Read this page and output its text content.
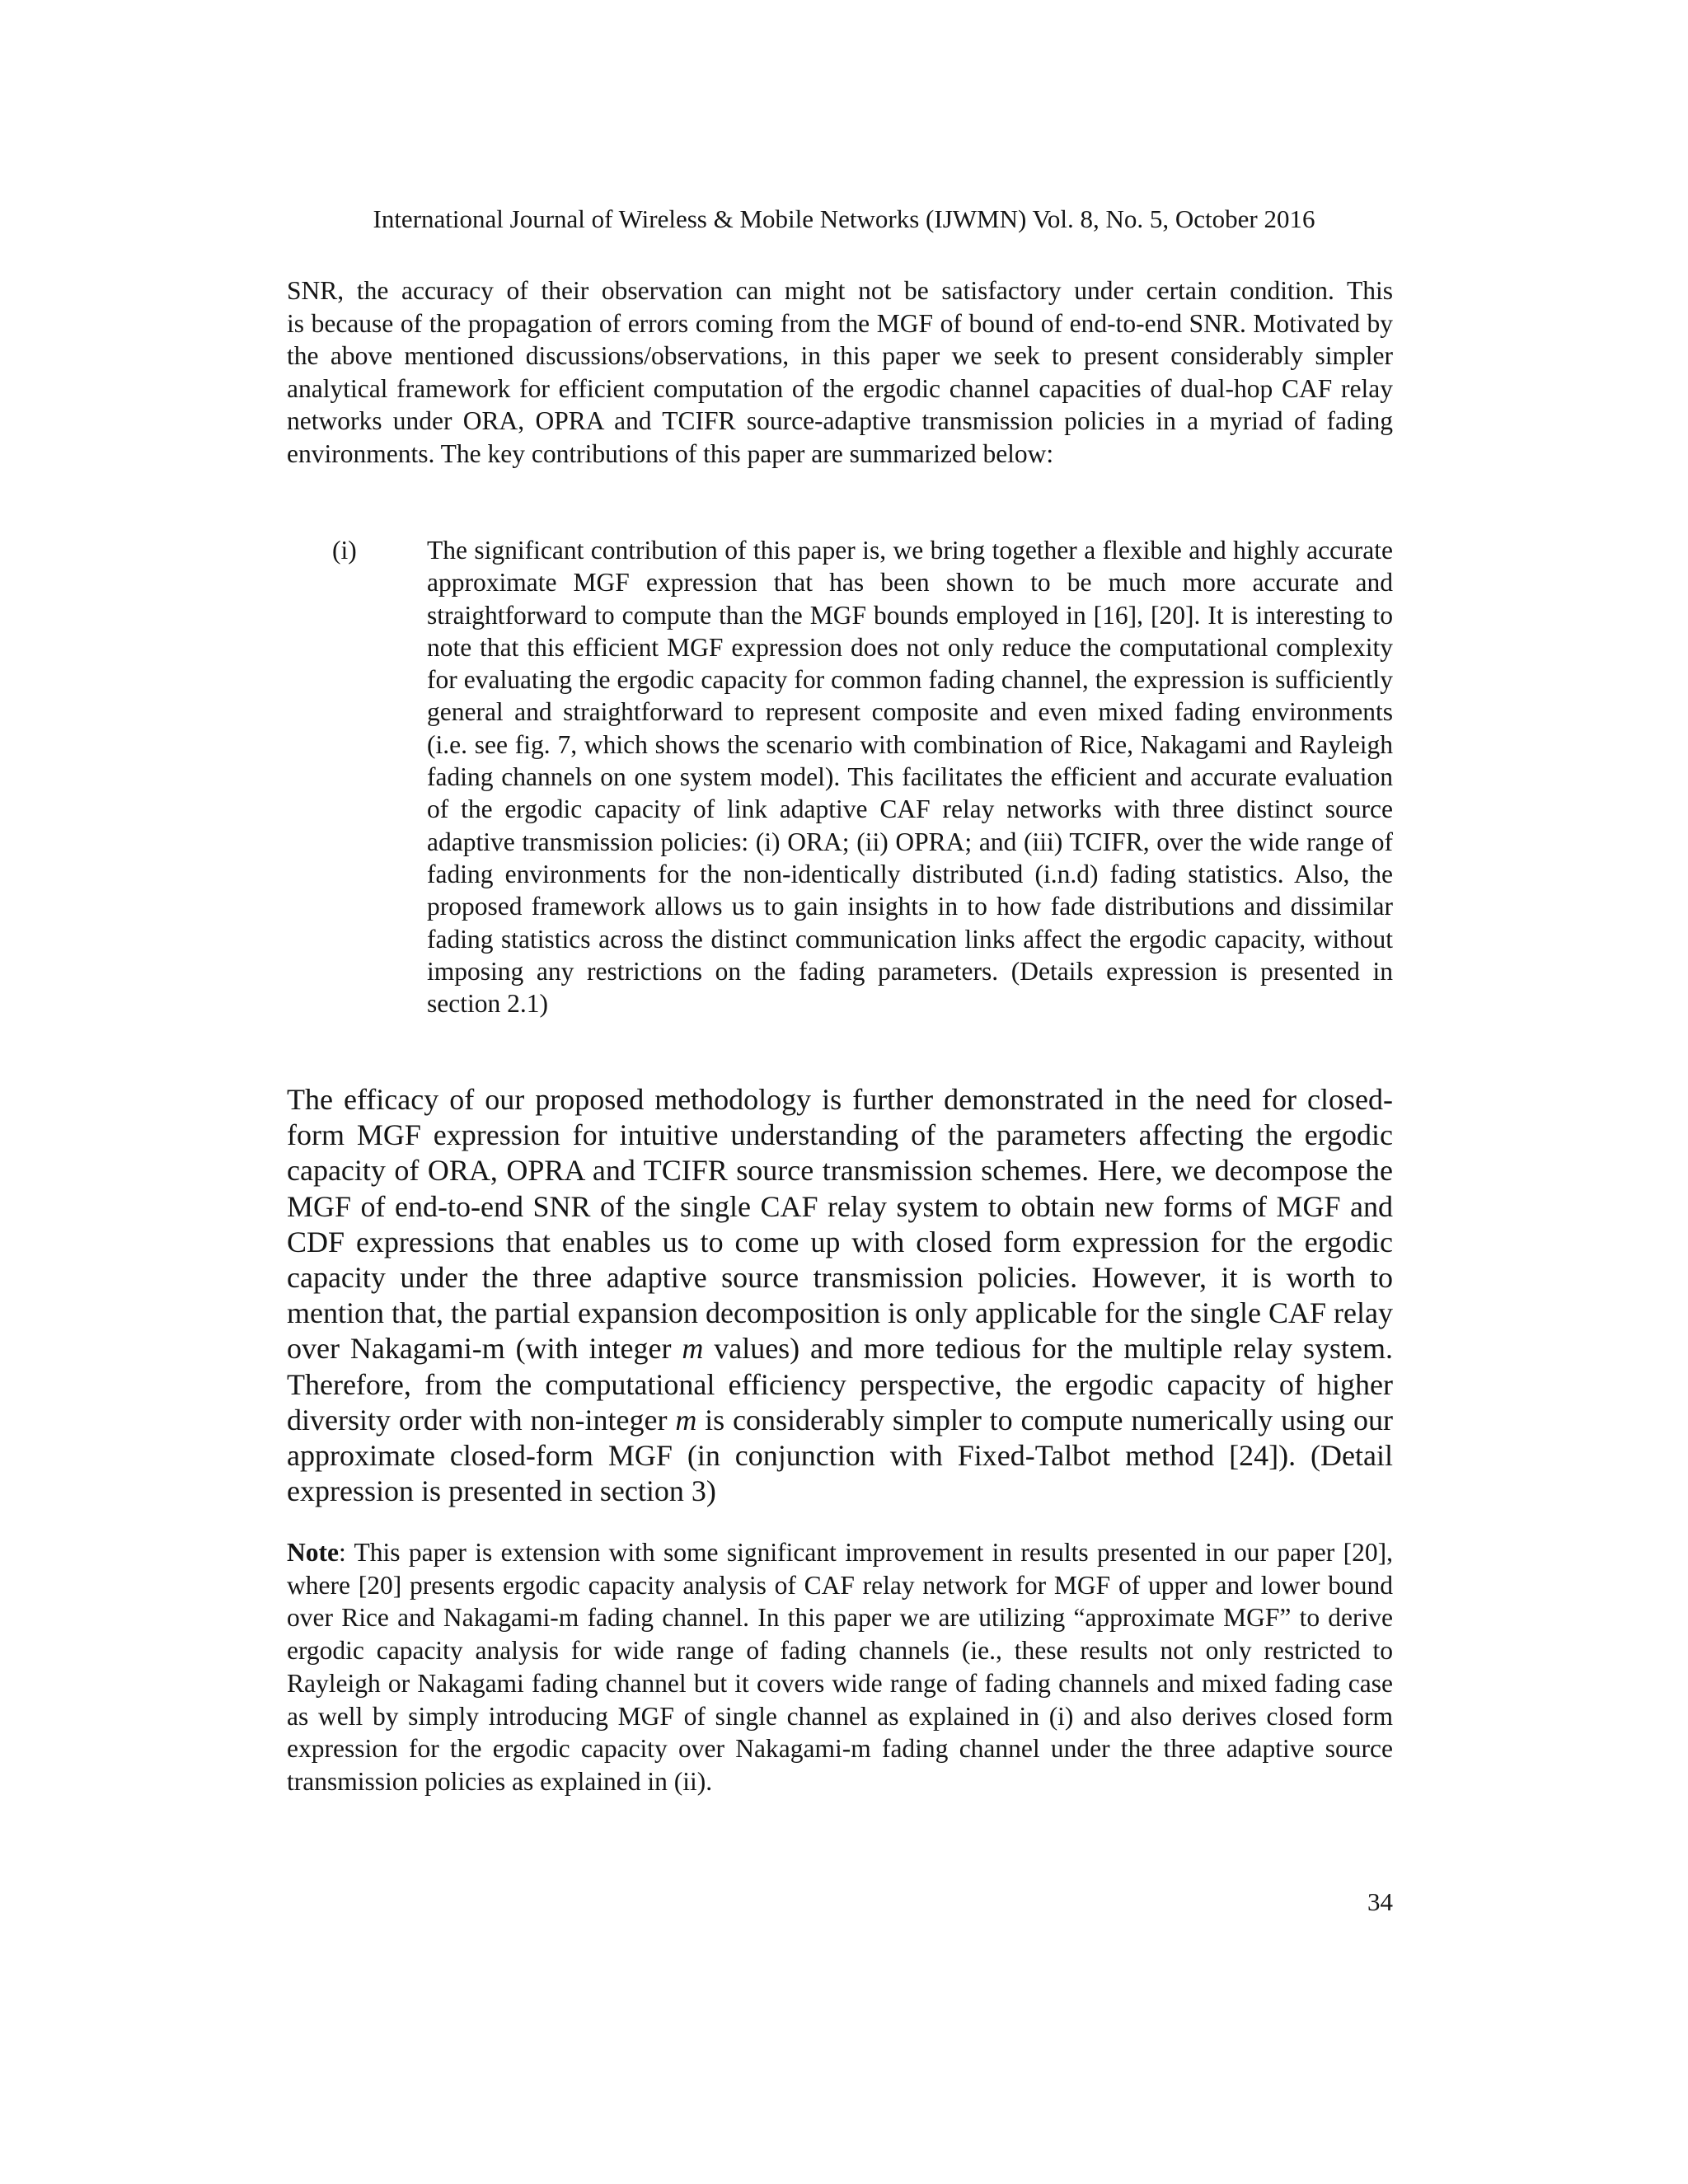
International Journal of Wireless & Mobile Networks (IJWMN) Vol. 8, No. 5, October 2016
SNR, the accuracy of their observation can might not be satisfactory under certain condition. This
is because of the propagation of errors coming from the MGF of bound of end-to-end SNR. Motivated by the above mentioned discussions/observations, in this paper we seek to present considerably simpler analytical framework for efficient computation of the ergodic channel capacities of dual-hop CAF relay networks under ORA, OPRA and TCIFR source-adaptive transmission policies in a myriad of fading environments. The key contributions of this paper are summarized below:
(i)	The significant contribution of this paper is, we bring together a flexible and highly accurate approximate MGF expression that has been shown to be much more accurate and straightforward to compute than the MGF bounds employed in [16], [20]. It is interesting to note that this efficient MGF expression does not only reduce the computational complexity for evaluating the ergodic capacity for common fading channel, the expression is sufficiently general and straightforward to represent composite and even mixed fading environments (i.e. see fig. 7, which shows the scenario with combination of Rice, Nakagami and Rayleigh fading channels on one system model). This facilitates the efficient and accurate evaluation of the ergodic capacity of link adaptive CAF relay networks with three distinct source adaptive transmission policies: (i) ORA; (ii) OPRA; and (iii) TCIFR, over the wide range of fading environments for the non-identically distributed (i.n.d) fading statistics. Also, the proposed framework allows us to gain insights in to how fade distributions and dissimilar fading statistics across the distinct communication links affect the ergodic capacity, without imposing any restrictions on the fading parameters. (Details expression is presented in section 2.1)
The efficacy of our proposed methodology is further demonstrated in the need for closed-form MGF expression for intuitive understanding of the parameters affecting the ergodic capacity of ORA, OPRA and TCIFR source transmission schemes. Here, we decompose the MGF of end-to-end SNR of the single CAF relay system to obtain new forms of MGF and CDF expressions that enables us to come up with closed form expression for the ergodic capacity under the three adaptive source transmission policies. However, it is worth to mention that, the partial expansion decomposition is only applicable for the single CAF relay over Nakagami-m (with integer m values) and more tedious for the multiple relay system. Therefore, from the computational efficiency perspective, the ergodic capacity of higher diversity order with non-integer m is considerably simpler to compute numerically using our approximate closed-form MGF (in conjunction with Fixed-Talbot method [24]). (Detail expression is presented in section 3)
Note: This paper is extension with some significant improvement in results presented in our paper [20], where [20] presents ergodic capacity analysis of CAF relay network for MGF of upper and lower bound over Rice and Nakagami-m fading channel. In this paper we are utilizing “approximate MGF” to derive ergodic capacity analysis for wide range of fading channels (ie., these results not only restricted to Rayleigh or Nakagami fading channel but it covers wide range of fading channels and mixed fading case as well by simply introducing MGF of single channel as explained in (i) and also derives closed form expression for the ergodic capacity over Nakagami-m fading channel under the three adaptive source transmission policies as explained in (ii).
34
